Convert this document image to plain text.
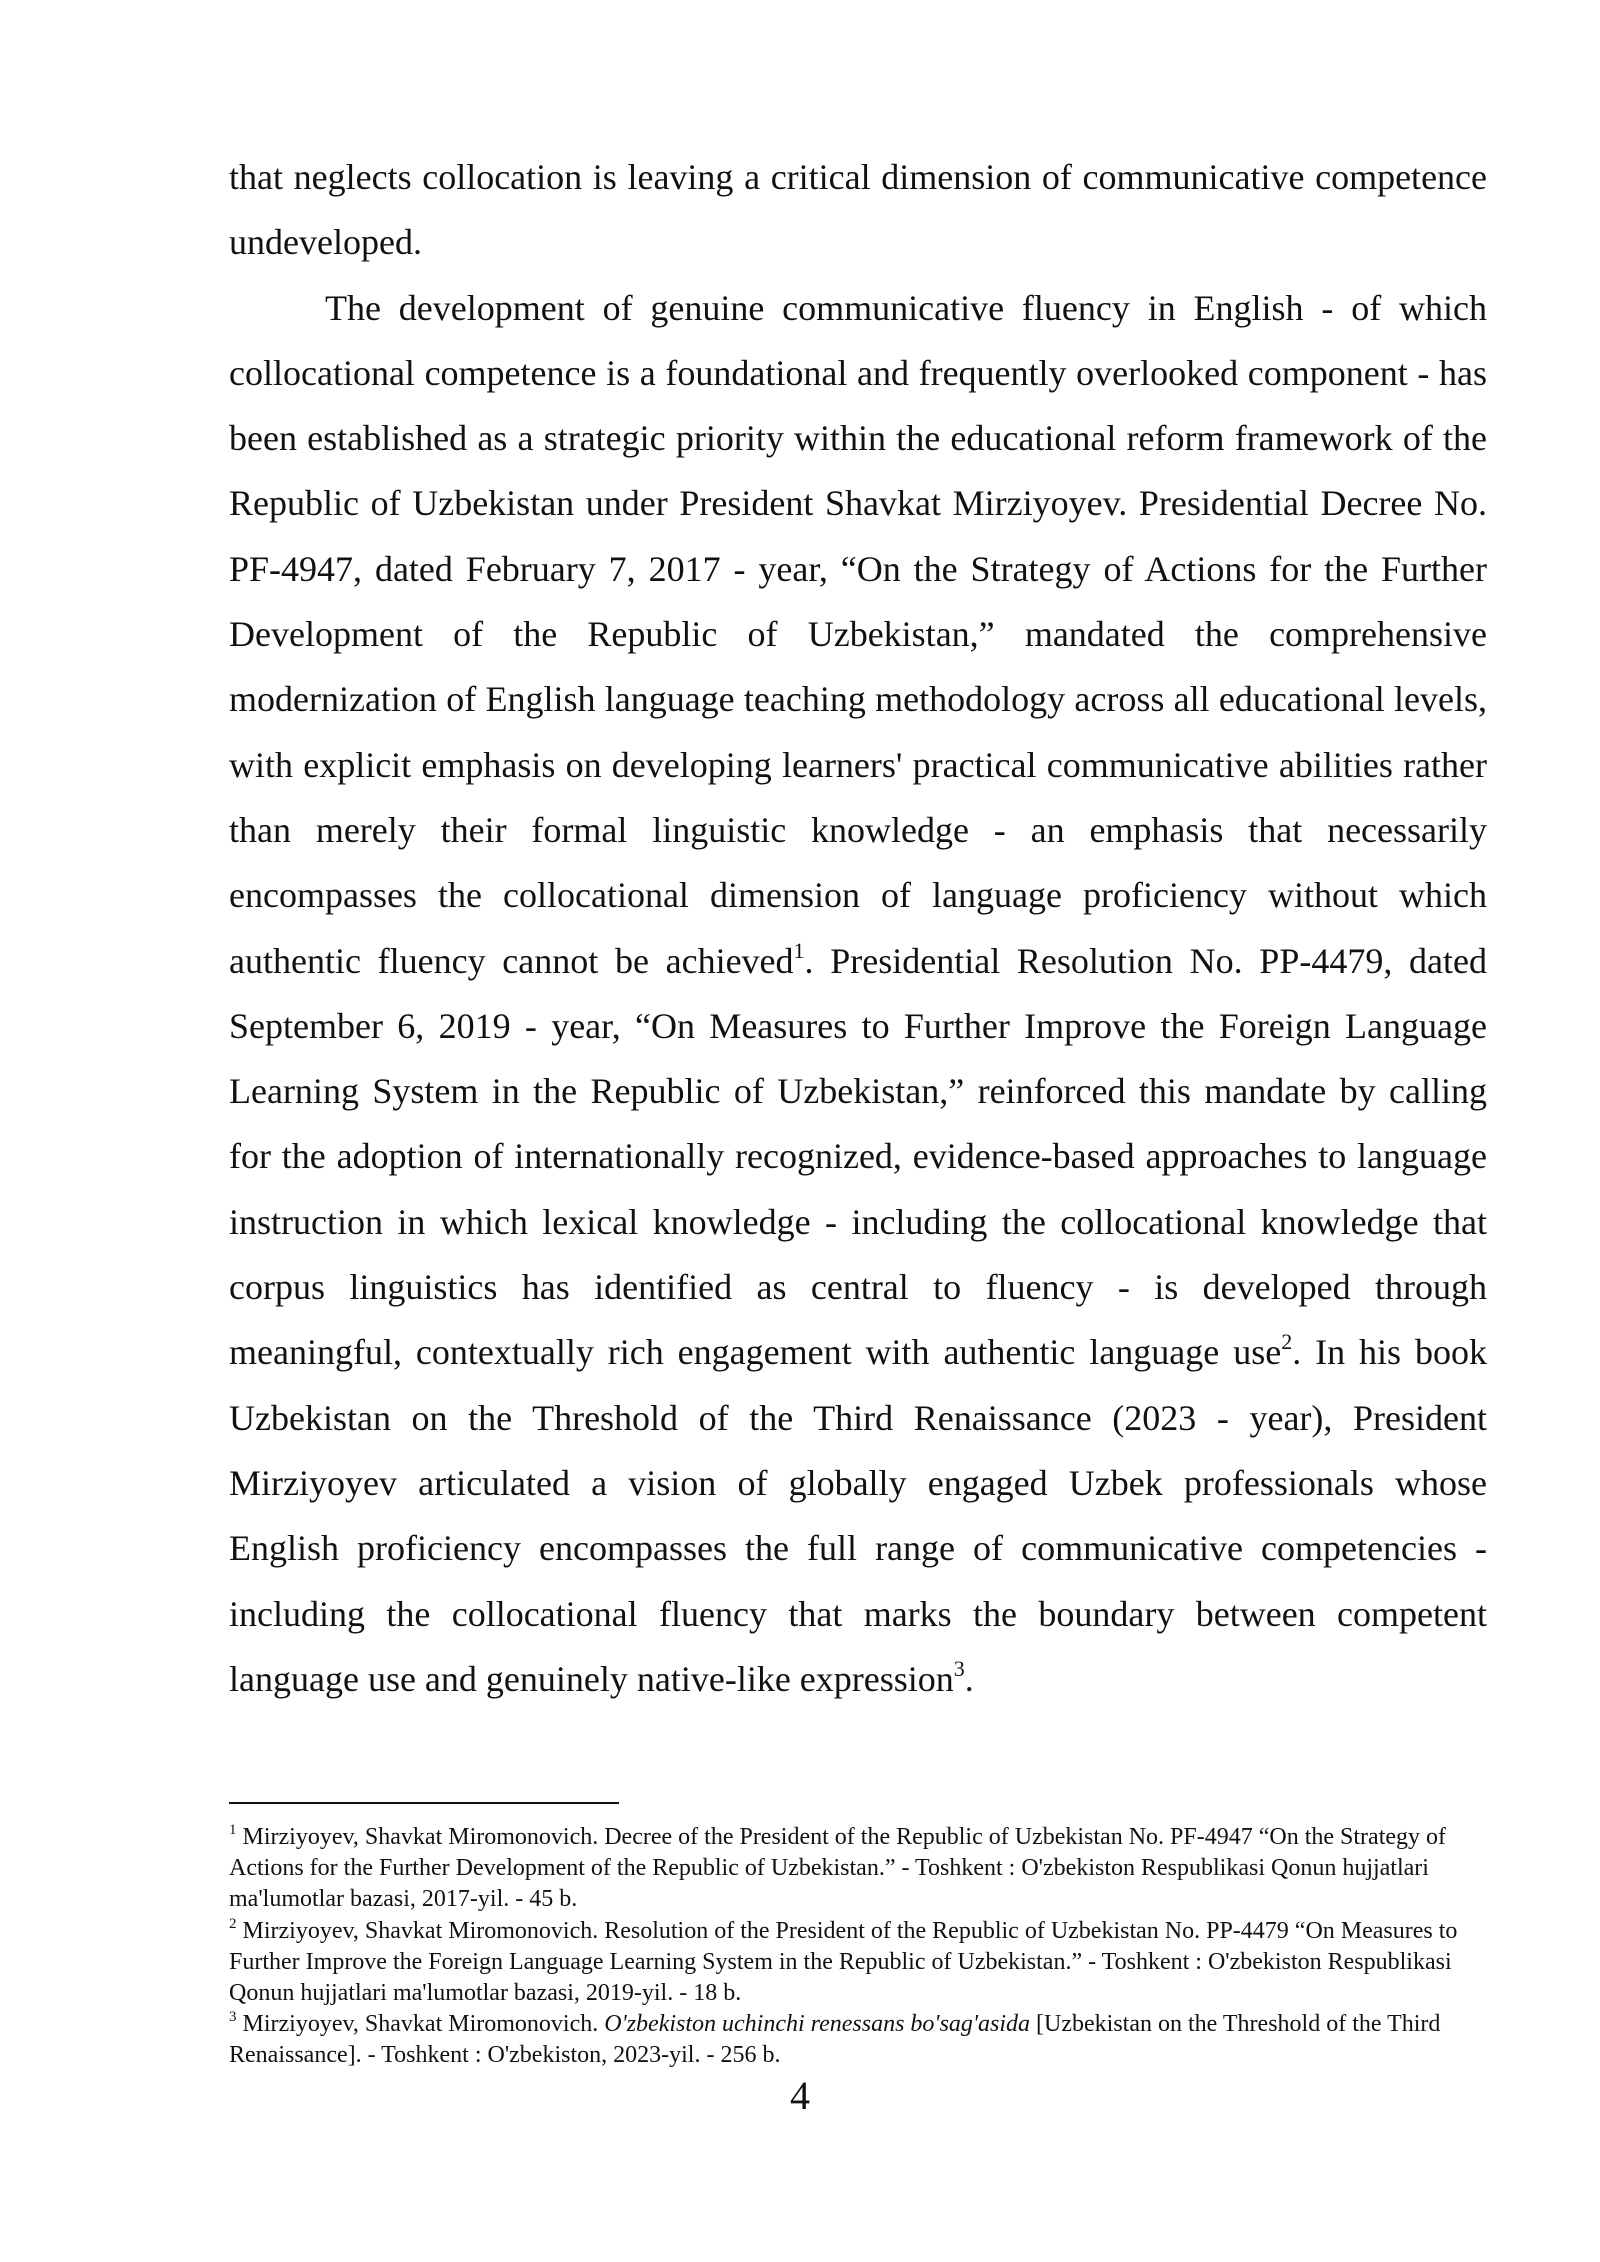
that neglects collocation is leaving a critical dimension of communicative competence undeveloped.

The development of genuine communicative fluency in English - of which collocational competence is a foundational and frequently overlooked component - has been established as a strategic priority within the educational reform framework of the Republic of Uzbekistan under President Shavkat Mirziyoyev. Presidential Decree No. PF-4947, dated February 7, 2017 - year, “On the Strategy of Actions for the Further Development of the Republic of Uzbekistan,” mandated the comprehensive modernization of English language teaching methodology across all educational levels, with explicit emphasis on developing learners' practical communicative abilities rather than merely their formal linguistic knowledge - an emphasis that necessarily encompasses the collocational dimension of language proficiency without which authentic fluency cannot be achieved$^1$. Presidential Resolution No. PP-4479, dated September 6, 2019 - year, “On Measures to Further Improve the Foreign Language Learning System in the Republic of Uzbekistan,” reinforced this mandate by calling for the adoption of internationally recognized, evidence-based approaches to language instruction in which lexical knowledge - including the collocational knowledge that corpus linguistics has identified as central to fluency - is developed through meaningful, contextually rich engagement with authentic language use$^2$. In his book Uzbekistan on the Threshold of the Third Renaissance (2023 - year), President Mirziyoyev articulated a vision of globally engaged Uzbek professionals whose English proficiency encompasses the full range of communicative competencies - including the collocational fluency that marks the boundary between competent language use and genuinely native-like expression$^3$.

$^1$ Mirziyoyev, Shavkat Miromonovich. Decree of the President of the Republic of Uzbekistan No. PF-4947 “On the Strategy of Actions for the Further Development of the Republic of Uzbekistan.” - Toshkent : O'zbekiston Respublikasi Qonun hujjatlari ma'lumotlar bazasi, 2017-yil. - 45 b.

$^2$ Mirziyoyev, Shavkat Miromonovich. Resolution of the President of the Republic of Uzbekistan No. PP-4479 “On Measures to Further Improve the Foreign Language Learning System in the Republic of Uzbekistan.” - Toshkent : O'zbekiston Respublikasi Qonun hujjatlari ma'lumotlar bazasi, 2019-yil. - 18 b.

$^3$ Mirziyoyev, Shavkat Miromonovich. O'zbekiston uchinchi renessans bo'sag'asida [Uzbekistan on the Threshold of the Third Renaissance]. - Toshkent : O'zbekiston, 2023-yil. - 256 b.

4
